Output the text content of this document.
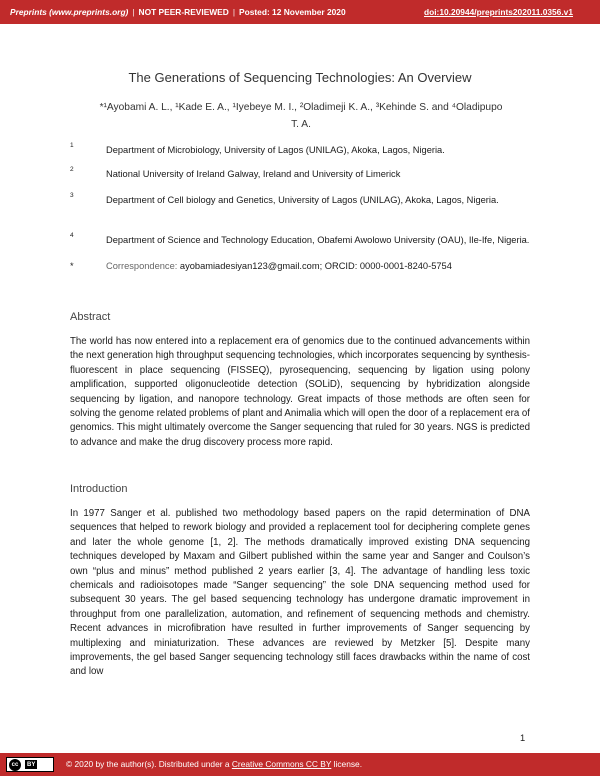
Preprints (www.preprints.org) | NOT PEER-REVIEWED | Posted: 12 November 2020	doi:10.20944/preprints202011.0356.v1
The Generations of Sequencing Technologies: An Overview
*¹Ayobami A. L., ¹Kade E. A., ¹Iyebeye M. I., ²Oladimeji K. A., ³Kehinde S. and ⁴Oladipupo
T. A.
1	Department of Microbiology, University of Lagos (UNILAG), Akoka, Lagos, Nigeria.
2	National University of Ireland Galway, Ireland and University of Limerick
3	Department of Cell biology and Genetics, University of Lagos (UNILAG), Akoka, Lagos, Nigeria.
4	Department of Science and Technology Education, Obafemi Awolowo University (OAU), Ile-Ife, Nigeria.
*	Correspondence: ayobamiadesiyan123@gmail.com; ORCID: 0000-0001-8240-5754
Abstract
The world has now entered into a replacement era of genomics due to the continued advancements within the next generation high throughput sequencing technologies, which incorporates sequencing by synthesis-fluorescent in place sequencing (FISSEQ), pyrosequencing, sequencing by ligation using polony amplification, supported oligonucleotide detection (SOLiD), sequencing by hybridization alongside sequencing by ligation, and nanopore technology. Great impacts of those methods are often seen for solving the genome related problems of plant and Animalia which will open the door of a replacement era of genomics. This might ultimately overcome the Sanger sequencing that ruled for 30 years. NGS is predicted to advance and make the drug discovery process more rapid.
Introduction
In 1977 Sanger et al. published two methodology based papers on the rapid determination of DNA sequences that helped to rework biology and provided a replacement tool for deciphering complete genes and later the whole genome [1, 2]. The methods dramatically improved existing DNA sequencing techniques developed by Maxam and Gilbert published within the same year and Sanger and Coulson’s own “plus and minus” method published 2 years earlier [3, 4]. The advantage of handling less toxic chemicals and radioisotopes made “Sanger sequencing” the sole DNA sequencing method used for subsequent 30 years. The gel based sequencing technology has undergone dramatic improvement in throughput from one parallelization, automation, and refinement of sequencing methods and chemistry. Recent advances in microfibration have resulted in further improvements of Sanger sequencing by multiplexing and miniaturization. These advances are reviewed by Metzker [5]. Despite many improvements, the gel based Sanger sequencing technology still faces drawbacks within the name of cost and low
1
cc	BY	© 2020 by the author(s). Distributed under a Creative Commons CC BY license.
